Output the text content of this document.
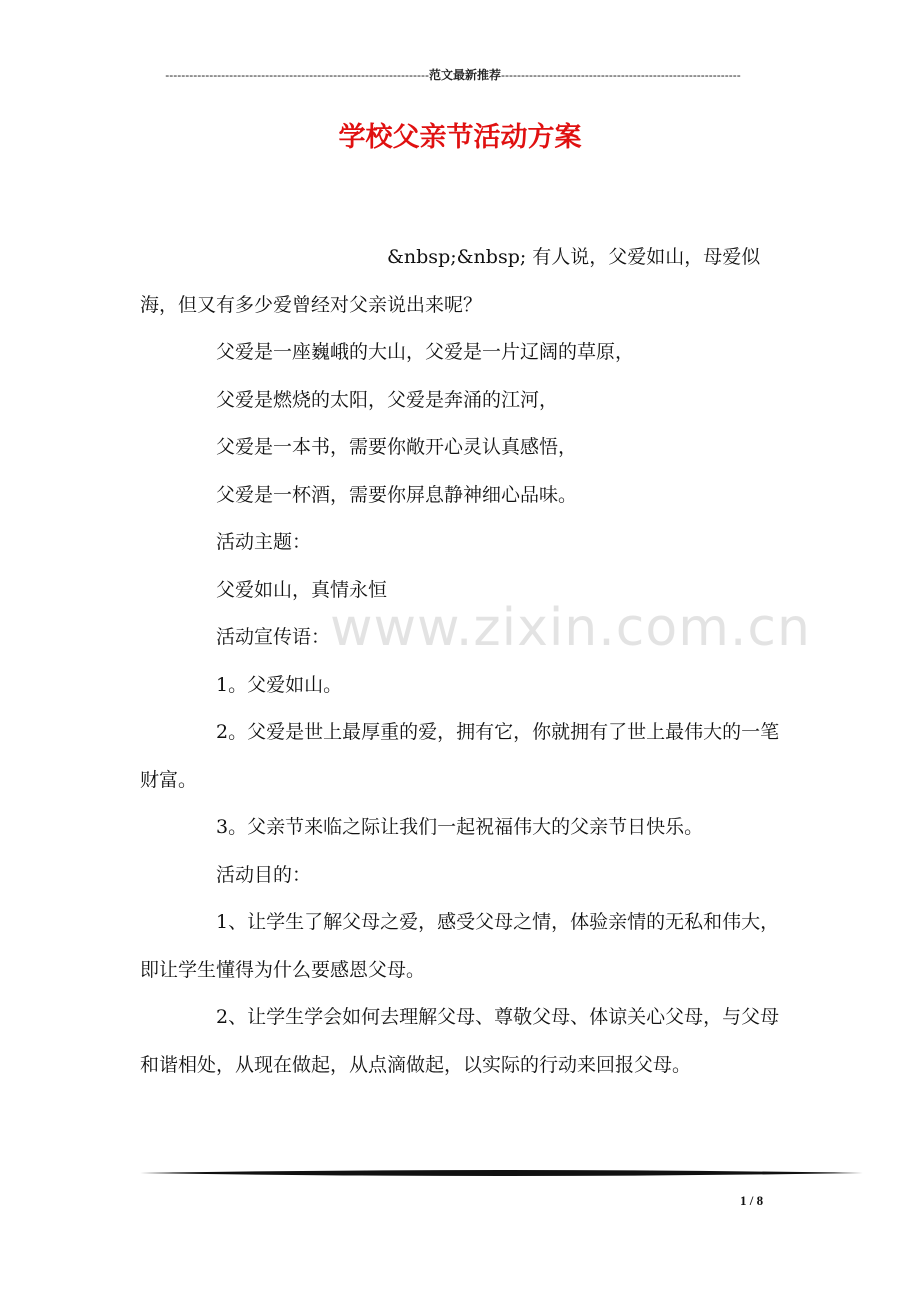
------------------------------------------------------------------范文最新推荐------------------------------------------------------------
学校父亲节活动方案
www.zixin.com.cn

&nbsp;&nbsp; 有人说，父爱如山，母爱似海，但又有多少爱曾经对父亲说出来呢？

父爱是一座巍峨的大山，父爱是一片辽阔的草原，

父爱是燃烧的太阳，父爱是奔涌的江河，

父爱是一本书，需要你敞开心灵认真感悟，

父爱是一杯酒，需要你屏息静神细心品味。

活动主题：

父爱如山，真情永恒

活动宣传语：

1。父爱如山。

2。父爱是世上最厚重的爱，拥有它，你就拥有了世上最伟大的一笔财富。

3。父亲节来临之际让我们一起祝福伟大的父亲节日快乐。

活动目的：

1、让学生了解父母之爱，感受父母之情，体验亲情的无私和伟大，即让学生懂得为什么要感恩父母。

2、让学生学会如何去理解父母、尊敬父母、体谅关心父母，与父母和谐相处，从现在做起，从点滴做起，以实际的行动来回报父母。

1 / 8
